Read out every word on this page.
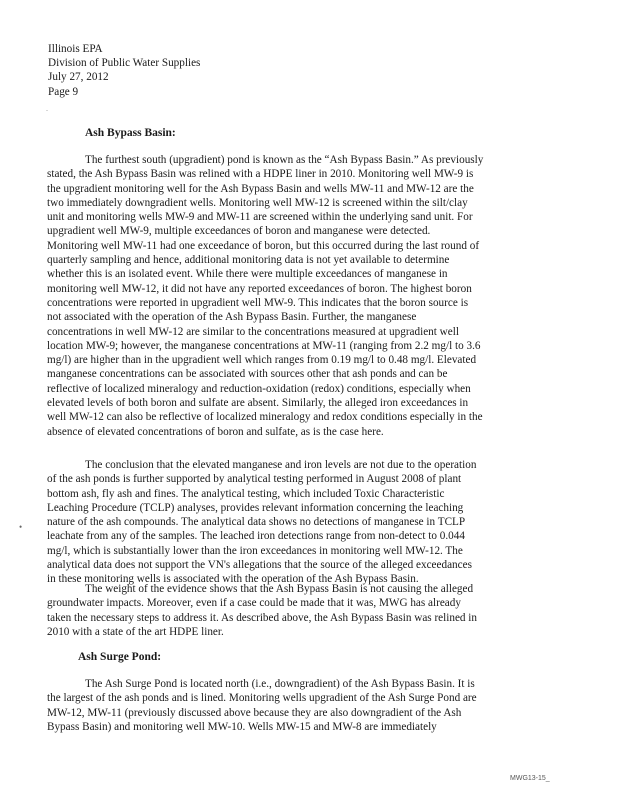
Illinois EPA
Division of Public Water Supplies
July 27, 2012
Page 9
.
Ash Bypass Basin:
The furthest south (upgradient) pond is known as the “Ash Bypass Basin.” As previously
stated, the Ash Bypass Basin was relined with a HDPE liner in 2010. Monitoring well MW-9 is
the upgradient monitoring well for the Ash Bypass Basin and wells MW-11 and MW-12 are the
two immediately downgradient wells. Monitoring well MW-12 is screened within the silt/clay
unit and monitoring wells MW-9 and MW-11 are screened within the underlying sand unit. For
upgradient well MW-9, multiple exceedances of boron and manganese were detected.
Monitoring well MW-11 had one exceedance of boron, but this occurred during the last round of
quarterly sampling and hence, additional monitoring data is not yet available to determine
whether this is an isolated event. While there were multiple exceedances of manganese in
monitoring well MW-12, it did not have any reported exceedances of boron. The highest boron
concentrations were reported in upgradient well MW-9. This indicates that the boron source is
not associated with the operation of the Ash Bypass Basin. Further, the manganese
concentrations in well MW-12 are similar to the concentrations measured at upgradient well
location MW-9; however, the manganese concentrations at MW-11 (ranging from 2.2 mg/l to 3.6
mg/l) are higher than in the upgradient well which ranges from 0.19 mg/l to 0.48 mg/l. Elevated
manganese concentrations can be associated with sources other that ash ponds and can be
reflective of localized mineralogy and reduction-oxidation (redox) conditions, especially when
elevated levels of both boron and sulfate are absent. Similarly, the alleged iron exceedances in
well MW-12 can also be reflective of localized mineralogy and redox conditions especially in the
absence of elevated concentrations of boron and sulfate, as is the case here.
The conclusion that the elevated manganese and iron levels are not due to the operation
of the ash ponds is further supported by analytical testing performed in August 2008 of plant
bottom ash, fly ash and fines. The analytical testing, which included Toxic Characteristic
Leaching Procedure (TCLP) analyses, provides relevant information concerning the leaching
nature of the ash compounds. The analytical data shows no detections of manganese in TCLP
leachate from any of the samples. The leached iron detections range from non-detect to 0.044
mg/l, which is substantially lower than the iron exceedances in monitoring well MW-12. The
analytical data does not support the VN's allegations that the source of the alleged exceedances
in these monitoring wells is associated with the operation of the Ash Bypass Basin.
The weight of the evidence shows that the Ash Bypass Basin is not causing the alleged
groundwater impacts. Moreover, even if a case could be made that it was, MWG has already
taken the necessary steps to address it. As described above, the Ash Bypass Basin was relined in
2010 with a state of the art HDPE liner.
•
Ash Surge Pond:
The Ash Surge Pond is located north (i.e., downgradient) of the Ash Bypass Basin. It is
the largest of the ash ponds and is lined. Monitoring wells upgradient of the Ash Surge Pond are
MW-12, MW-11 (previously discussed above because they are also downgradient of the Ash
Bypass Basin) and monitoring well MW-10. Wells MW-15 and MW-8 are immediately
MWG13-15_
